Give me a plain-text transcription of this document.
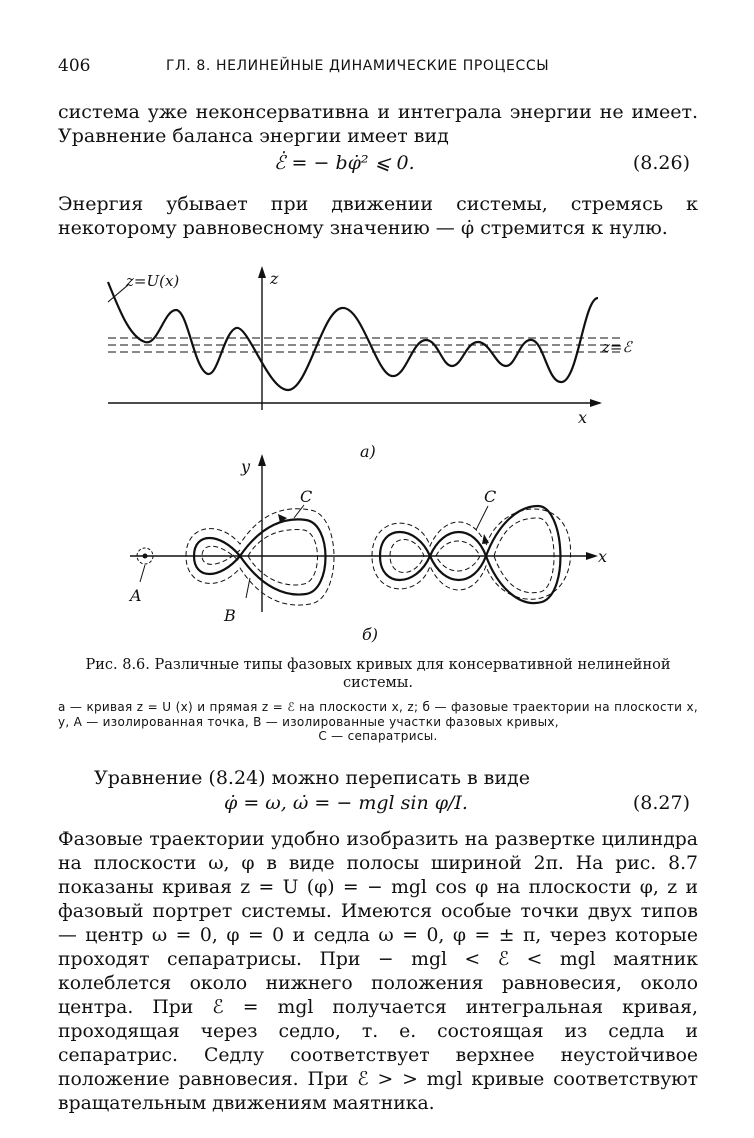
406	ГЛ. 8. НЕЛИНЕЙНЫЕ ДИНАМИЧЕСКИЕ ПРОЦЕССЫ
система уже неконсервативна и интеграла энергии не имеет. Уравнение баланса энергии имеет вид
ℰ̇ = − bφ̇² ⩽ 0.	(8.26)
Энергия убывает при движении системы, стремясь к некоторому равновесному значению — φ̇ стремится к нулю.
z=U(x)	z
z=ℰ
x
a)
A
C	C
B
y
x
б)
Рис. 8.6. Различные типы фазовых кривых для консервативной нелинейной системы.
а — кривая z = U (x) и прямая z = ℰ на плоскости x, z; б — фазовые траектории на плоскости x, y, A — изолированная точка, B — изолированные участки фазовых кривых,
C — сепаратрисы.
Уравнение (8.24) можно переписать в виде
φ̇ = ω, ω̇ = − mgl sin φ/I.	(8.27)
Фазовые траектории удобно изобразить на развертке цилиндра на плоскости ω, φ в виде полосы шириной 2π. На рис. 8.7 показаны кривая z = U (φ) = − mgl cos φ на плоскости φ, z и фазовый портрет системы. Имеются особые точки двух типов — центр ω = 0, φ = 0 и седла ω = 0, φ = ± π, через которые проходят сепаратрисы. При − mgl < ℰ < mgl маятник колеблется около нижнего положения равновесия, около центра. При ℰ = mgl получается интегральная кривая, проходящая через седло, т. е. состоящая из седла и сепаратрис. Седлу соответствует верхнее неустойчивое положение равновесия. При ℰ > > mgl кривые соответствуют вращательным движениям маятника.
